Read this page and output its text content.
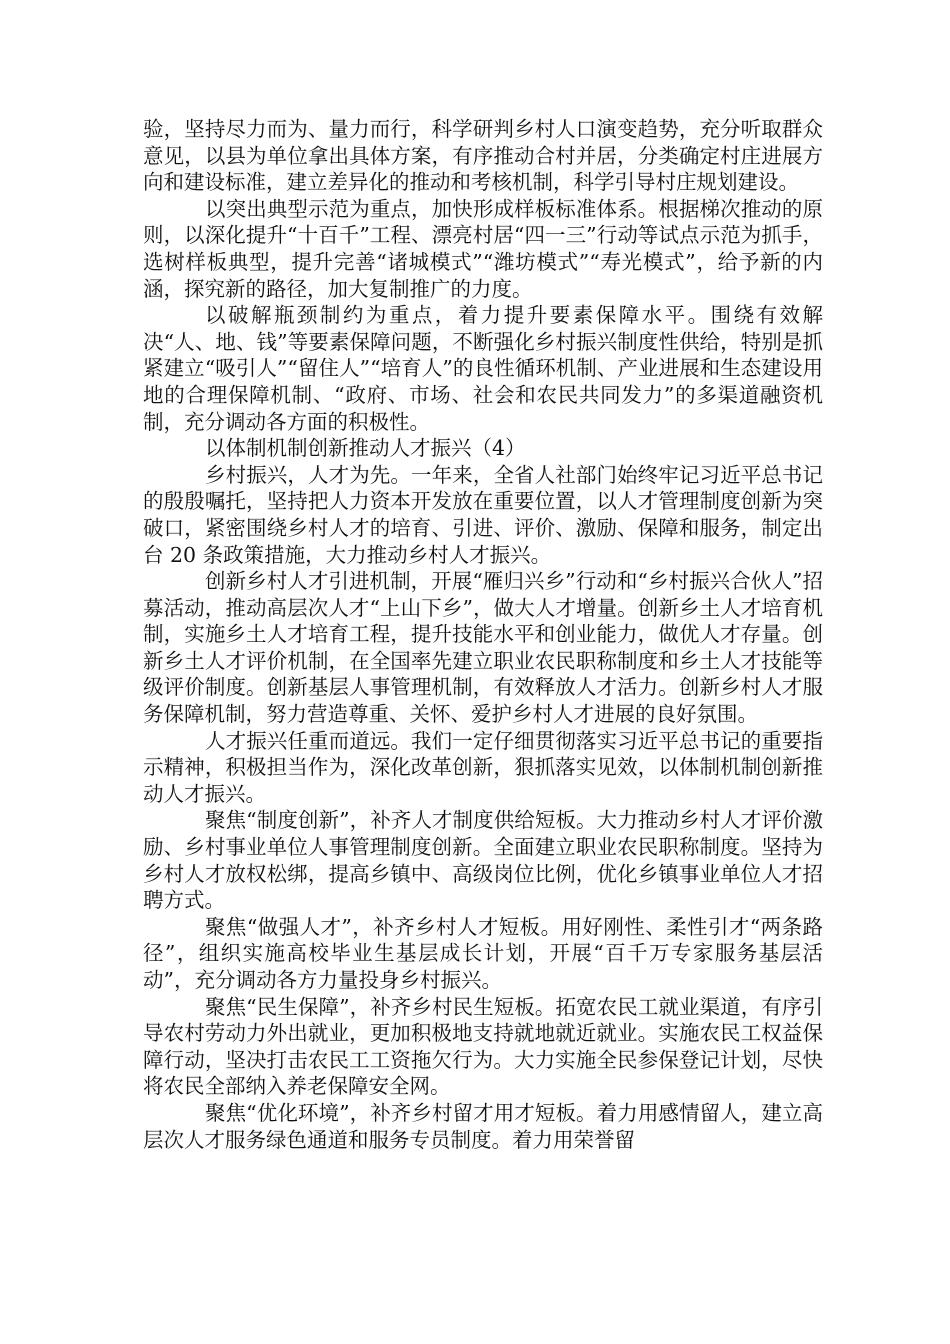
验，坚持尽力而为、量力而行，科学研判乡村人口演变趋势，充分听取群众意见，以县为单位拿出具体方案，有序推动合村并居，分类确定村庄进展方向和建设标准，建立差异化的推动和考核机制，科学引导村庄规划建设。

以突出典型示范为重点，加快形成样板标准体系。根据梯次推动的原则，以深化提升“十百千”工程、漂亮村居“四一三”行动等试点示范为抓手，选树样板典型，提升完善“诸城模式”“潍坊模式”“寿光模式”，给予新的内涵，探究新的路径，加大复制推广的力度。

以破解瓶颈制约为重点，着力提升要素保障水平。围绕有效解决“人、地、钱”等要素保障问题，不断强化乡村振兴制度性供给，特别是抓紧建立“吸引人”“留住人”“培育人”的良性循环机制、产业进展和生态建设用地的合理保障机制、“政府、市场、社会和农民共同发力”的多渠道融资机制，充分调动各方面的积极性。

以体制机制创新推动人才振兴（4）

乡村振兴，人才为先。一年来，全省人社部门始终牢记习近平总书记的殷殷嘱托，坚持把人力资本开发放在重要位置，以人才管理制度创新为突破口，紧密围绕乡村人才的培育、引进、评价、激励、保障和服务，制定出台 20 条政策措施，大力推动乡村人才振兴。

创新乡村人才引进机制，开展“雁归兴乡”行动和“乡村振兴合伙人”招募活动，推动高层次人才“上山下乡”，做大人才增量。创新乡土人才培育机制，实施乡土人才培育工程，提升技能水平和创业能力，做优人才存量。创新乡土人才评价机制，在全国率先建立职业农民职称制度和乡土人才技能等级评价制度。创新基层人事管理机制，有效释放人才活力。创新乡村人才服务保障机制，努力营造尊重、关怀、爱护乡村人才进展的良好氛围。

人才振兴任重而道远。我们一定仔细贯彻落实习近平总书记的重要指示精神，积极担当作为，深化改革创新，狠抓落实见效，以体制机制创新推动人才振兴。

聚焦“制度创新”，补齐人才制度供给短板。大力推动乡村人才评价激励、乡村事业单位人事管理制度创新。全面建立职业农民职称制度。坚持为乡村人才放权松绑，提高乡镇中、高级岗位比例，优化乡镇事业单位人才招聘方式。

聚焦“做强人才”，补齐乡村人才短板。用好刚性、柔性引才“两条路径”，组织实施高校毕业生基层成长计划，开展“百千万专家服务基层活动”，充分调动各方力量投身乡村振兴。

聚焦“民生保障”，补齐乡村民生短板。拓宽农民工就业渠道，有序引导农村劳动力外出就业，更加积极地支持就地就近就业。实施农民工权益保障行动，坚决打击农民工工资拖欠行为。大力实施全民参保登记计划，尽快将农民全部纳入养老保障安全网。

聚焦“优化环境”，补齐乡村留才用才短板。着力用感情留人，建立高层次人才服务绿色通道和服务专员制度。着力用荣誉留
